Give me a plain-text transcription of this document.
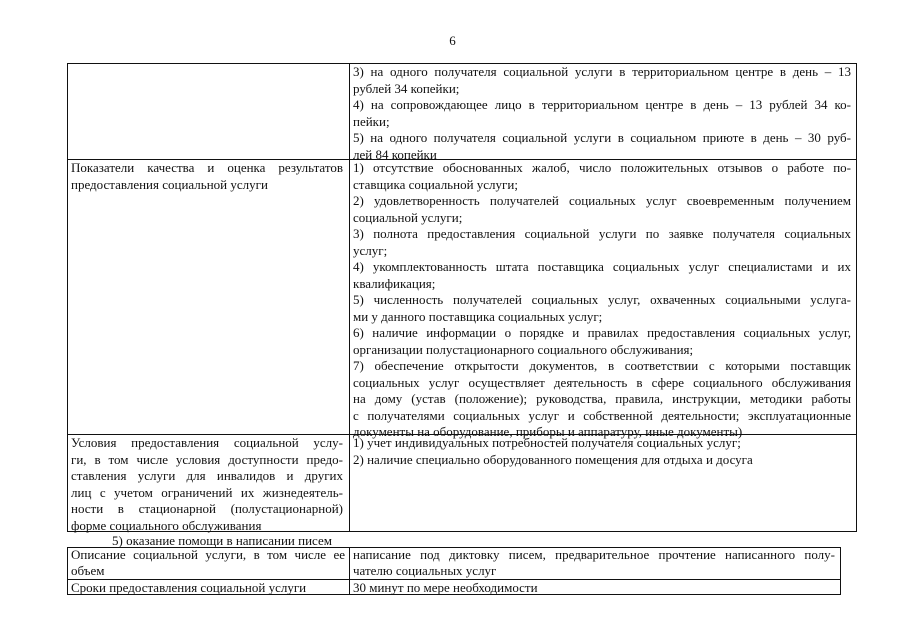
6
3) на одного получателя социальной услуги в территориальном центре в день – 13
рублей 34 копейки;
4) на сопровождающее лицо в территориальном центре в день – 13 рублей 34 ко-
пейки;
5) на одного получателя социальной услуги в социальном приюте в день – 30 руб-
лей 84 копейки
Показатели качества и оценка результатов
предоставления социальной услуги
1) отсутствие обоснованных жалоб, число положительных отзывов о работе по-
ставщика социальной услуги;
2) удовлетворенность получателей социальных услуг своевременным получением
социальной услуги;
3) полнота предоставления социальной услуги по заявке получателя социальных
услуг;
4) укомплектованность штата поставщика социальных услуг специалистами и их
квалификация;
5) численность получателей социальных услуг, охваченных социальными услуга-
ми у данного поставщика социальных услуг;
6) наличие информации о порядке и правилах предоставления социальных услуг,
организации полустационарного социального обслуживания;
7) обеспечение открытости документов, в соответствии с которыми поставщик
социальных услуг осуществляет деятельность в сфере социального обслуживания
на дому (устав (положение); руководства, правила, инструкции, методики работы
с получателями социальных услуг и собственной деятельности; эксплуатационные
документы на оборудование, приборы и аппаратуру, иные документы)
Условия предоставления социальной услу-
ги, в том числе условия доступности предо-
ставления услуги для инвалидов и других
лиц с учетом ограничений их жизнедеятель-
ности в стационарной (полустационарной)
форме социального обслуживания
1) учет индивидуальных потребностей получателя социальных услуг;
2) наличие специально оборудованного помещения для отдыха и досуга
5) оказание помощи в написании писем
Описание социальной услуги, в том числе ее
объем
написание под диктовку писем, предварительное прочтение написанного полу-
чателю социальных услуг
Сроки предоставления социальной услуги	30 минут по мере необходимости
